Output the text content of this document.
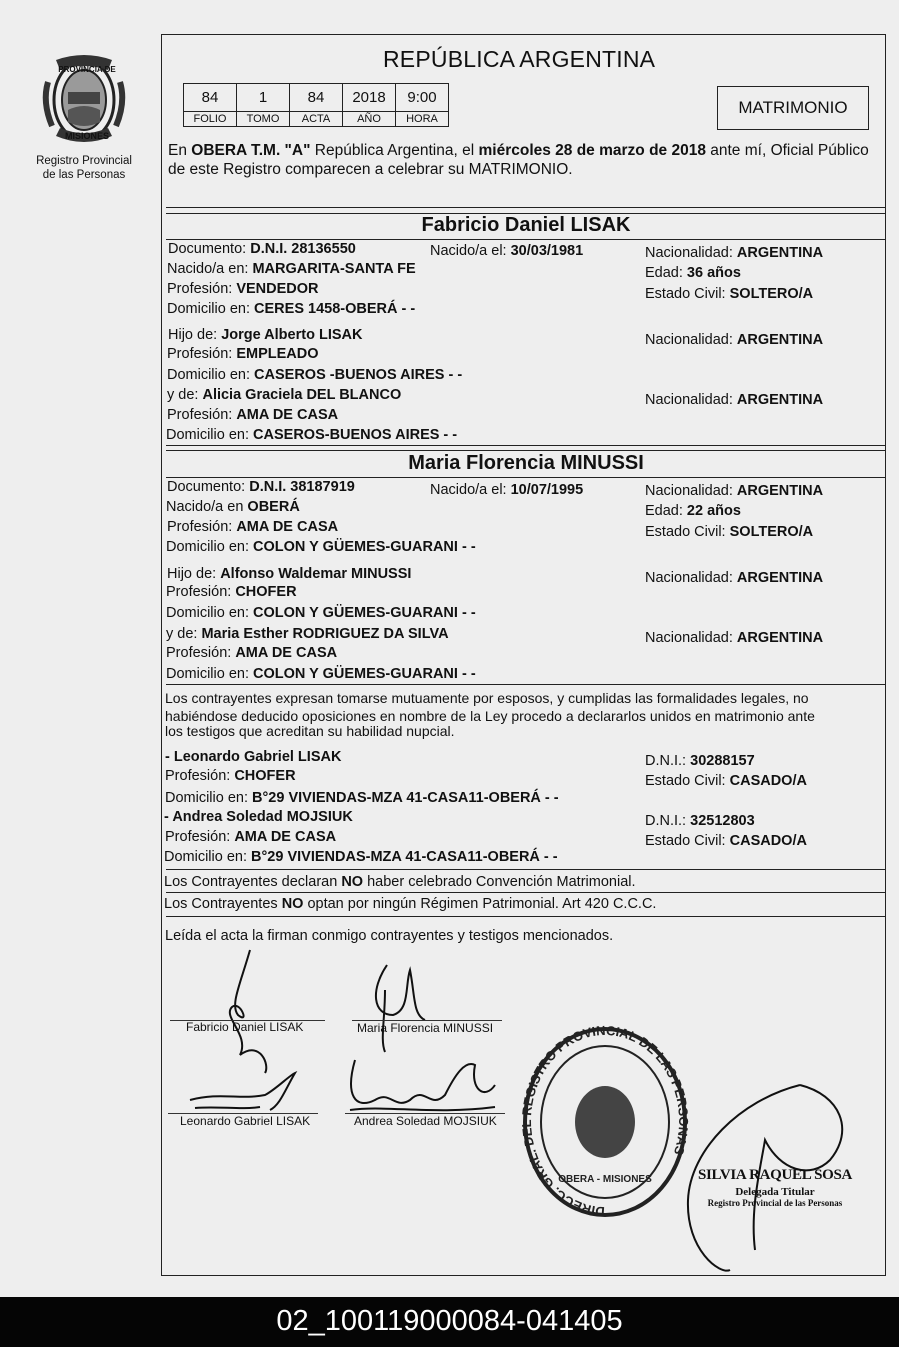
Registro Provincial
de las Personas
REPÚBLICA ARGENTINA
84	1	84	2018	9:00
FOLIO	TOMO	ACTA	AÑO	HORA
MATRIMONIO
En OBERA T.M. "A" República Argentina, el miércoles 28 de marzo de 2018 ante mí, Oficial Público de este Registro comparecen a celebrar su MATRIMONIO.
Fabricio Daniel LISAK
Documento: D.N.I. 28136550	Nacido/a el: 30/03/1981	Nacionalidad: ARGENTINA
Nacido/a en: MARGARITA-SANTA FE	Edad: 36 años
Profesión: VENDEDOR	Estado Civil: SOLTERO/A
Domicilio en: CERES 1458-OBERÁ - -
Hijo de: Jorge Alberto LISAK	Nacionalidad: ARGENTINA
Profesión: EMPLEADO
Domicilio en: CASEROS -BUENOS AIRES - -
y de: Alicia Graciela DEL BLANCO	Nacionalidad: ARGENTINA
Profesión: AMA DE CASA
Domicilio en: CASEROS-BUENOS AIRES - -
Maria Florencia MINUSSI
Documento: D.N.I. 38187919	Nacido/a el: 10/07/1995	Nacionalidad: ARGENTINA
Nacido/a en OBERÁ	Edad: 22 años
Profesión: AMA DE CASA	Estado Civil: SOLTERO/A
Domicilio en: COLON Y GÜEMES-GUARANI - -
Hijo de: Alfonso Waldemar MINUSSI	Nacionalidad: ARGENTINA
Profesión: CHOFER
Domicilio en: COLON Y GÜEMES-GUARANI - -
y de: Maria Esther RODRIGUEZ DA SILVA	Nacionalidad: ARGENTINA
Profesión: AMA DE CASA
Domicilio en: COLON Y GÜEMES-GUARANI - -
Los contrayentes expresan tomarse mutuamente por esposos, y cumplidas las formalidades legales, no
habiéndose deducido oposiciones en nombre de la Ley procedo a declararlos unidos en matrimonio ante
los testigos que acreditan su habilidad nupcial.
- Leonardo Gabriel LISAK	D.N.I.: 30288157
Profesión: CHOFER	Estado Civil: CASADO/A
Domicilio en: B°29 VIVIENDAS-MZA 41-CASA11-OBERÁ - -
- Andrea Soledad MOJSIUK	D.N.I.: 32512803
Profesión: AMA DE CASA	Estado Civil: CASADO/A
Domicilio en: B°29 VIVIENDAS-MZA 41-CASA11-OBERÁ - -
Los Contrayentes declaran NO haber celebrado Convención Matrimonial.
Los Contrayentes NO optan por ningún Régimen Patrimonial. Art 420 C.C.C.
Leída el acta la firman conmigo contrayentes y testigos mencionados.
Fabricio Daniel LISAK	Maria Florencia MINUSSI
Leonardo Gabriel LISAK	Andrea Soledad MOJSIUK
DIRECC. GRAL. DEL REGISTRO PROVINCIAL DE LAS PERSONAS
OBERA - MISIONES	SILVIA RAQUEL SOSA
Delegada Titular
Registro Provincial de las Personas
02_100119000084-041405
PROVINCIA DE
MISIONES
